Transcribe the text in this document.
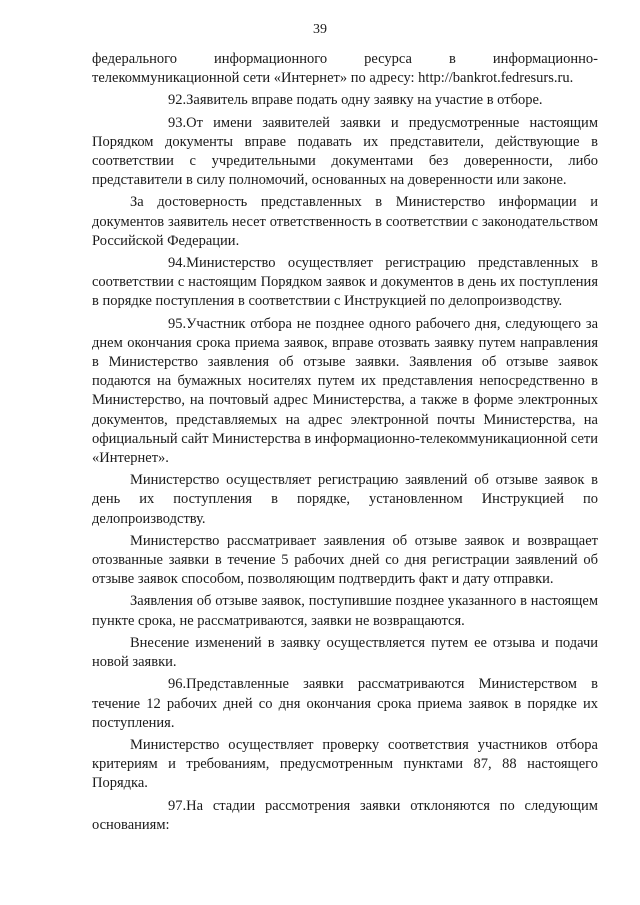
39

федерального информационного ресурса в информационно-телекоммуникационной сети «Интернет» по адресу: http://bankrot.fedresurs.ru.

92.Заявитель вправе подать одну заявку на участие в отборе.

93.От имени заявителей заявки и предусмотренные настоящим Порядком документы вправе подавать их представители, действующие в соответствии с учредительными документами без доверенности, либо представители в силу полномочий, основанных на доверенности или законе.

За достоверность представленных в Министерство информации и документов заявитель несет ответственность в соответствии с законодательством Российской Федерации.

94.Министерство осуществляет регистрацию представленных в соответствии с настоящим Порядком заявок и документов в день их поступления в порядке поступления в соответствии с Инструкцией по делопроизводству.

95.Участник отбора не позднее одного рабочего дня, следующего за днем окончания срока приема заявок, вправе отозвать заявку путем направления в Министерство заявления об отзыве заявки. Заявления об отзыве заявок подаются на бумажных носителях путем их представления непосредственно в Министерство, на почтовый адрес Министерства, а также в форме электронных документов, представляемых на адрес электронной почты Министерства, на официальный сайт Министерства в информационно-телекоммуникационной сети «Интернет».

Министерство осуществляет регистрацию заявлений об отзыве заявок в день их поступления в порядке, установленном Инструкцией по делопроизводству.

Министерство рассматривает заявления об отзыве заявок и возвращает отозванные заявки в течение 5 рабочих дней со дня регистрации заявлений об отзыве заявок способом, позволяющим подтвердить факт и дату отправки.

Заявления об отзыве заявок, поступившие позднее указанного в настоящем пункте срока, не рассматриваются, заявки не возвращаются.

Внесение изменений в заявку осуществляется путем ее отзыва и подачи новой заявки.

96.Представленные заявки рассматриваются Министерством в течение 12 рабочих дней со дня окончания срока приема заявок в порядке их поступления.

Министерство осуществляет проверку соответствия участников отбора критериям и требованиям, предусмотренным пунктами 87, 88 настоящего Порядка.

97.На стадии рассмотрения заявки отклоняются по следующим основаниям:
